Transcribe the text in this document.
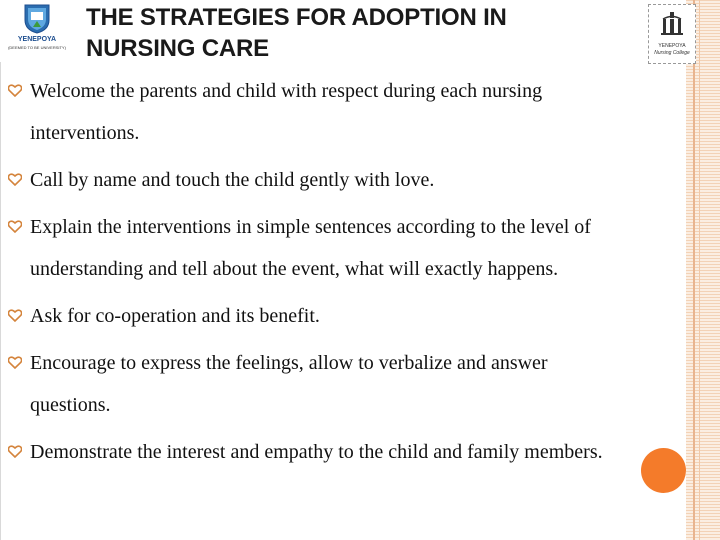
YENEPOYA
(DEEMED TO BE UNIVERSITY)
THE STRATEGIES FOR ADOPTION IN
NURSING CARE	YENEPOYA
Nursing College
Welcome the parents and child with respect during each nursing
interventions.
Call by name and touch the child gently with love.
Explain the interventions in simple sentences according to the level of
understanding and tell about the event, what will exactly happens.
Ask for co-operation and its benefit.
Encourage to express the feelings, allow to verbalize and answer
questions.
Demonstrate the interest and empathy to the child and family members.
